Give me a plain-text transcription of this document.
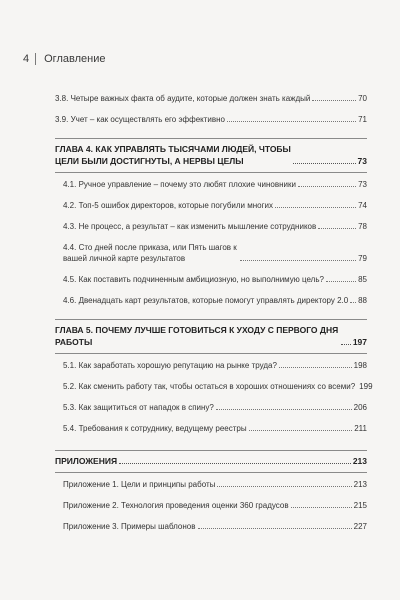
4 Оглавление
3.8. Четыре важных факта об аудите, которые должен знать каждый	70
3.9. Учет – как осуществлять его эффективно	71
ГЛАВА 4. КАК УПРАВЛЯТЬ ТЫСЯЧАМИ ЛЮДЕЙ, ЧТОБЫ ЦЕЛИ БЫЛИ ДОСТИГНУТЫ, А НЕРВЫ ЦЕЛЫ	73
4.1. Ручное управление – почему это любят плохие чиновники	73
4.2. Топ-5 ошибок директоров, которые погубили многих	74
4.3. Не процесс, а результат – как изменить мышление сотрудников	78
4.4. Сто дней после приказа, или Пять шагов к вашей личной карте результатов	79
4.5. Как поставить подчиненным амбициозную, но выполнимую цель?	85
4.6. Двенадцать карт результатов, которые помогут управлять директору 2.0 88
ГЛАВА 5. ПОЧЕМУ ЛУЧШЕ ГОТОВИТЬСЯ К УХОДУ С ПЕРВОГО ДНЯ РАБОТЫ	197
5.1. Как заработать хорошую репутацию на рынке труда?	198
5.2. Как сменить работу так, чтобы остаться в хороших отношениях со всеми? 199
5.3. Как защититься от нападок в спину?	206
5.4. Требования к сотруднику, ведущему реестры	211
ПРИЛОЖЕНИЯ	213
Приложение 1. Цели и принципы работы	213
Приложение 2. Технология проведения оценки 360 градусов	215
Приложение 3. Примеры шаблонов	227
